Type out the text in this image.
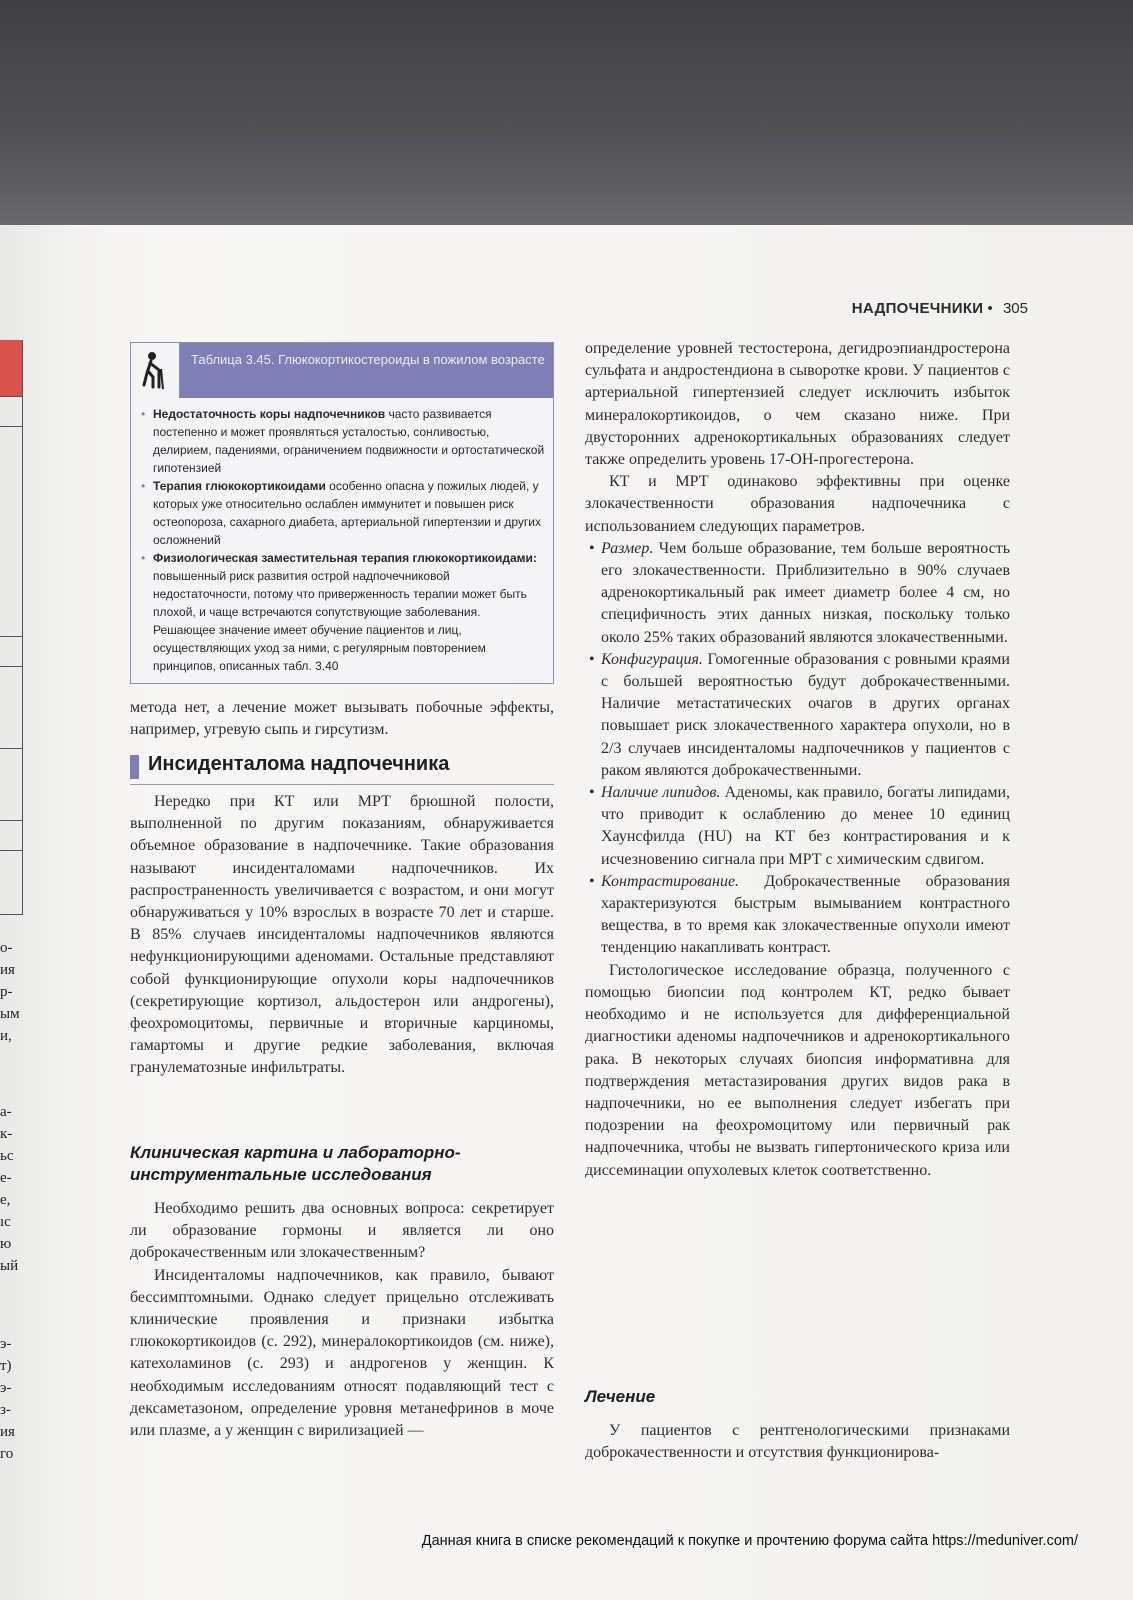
о-
ия
р-
ым
и,
а-
к-
ьс
е-
е,
ıс
ю
ый
э-
т)
э-
з-
ия
го
НАДПОЧЕЧНИКИ • 305
Таблица 3.45. Глюкокортикостероиды в пожилом возрасте
• Недостаточность коры надпочечников часто развивается постепенно и может проявляться усталостью, сонливостью, делирием, падениями, ограничением подвижности и ортостатической гипотензией
• Терапия глюкокортикоидами особенно опасна у пожилых людей, у которых уже относительно ослаблен иммунитет и повышен риск остеопороза, сахарного диабета, артериальной гипертензии и других осложнений
• Физиологическая заместительная терапия глюкокортикоидами: повышенный риск развития острой надпочечниковой недостаточности, потому что приверженность терапии может быть плохой, и чаще встречаются сопутствующие заболевания. Решающее значение имеет обучение пациентов и лиц, осуществляющих уход за ними, с регулярным повторением принципов, описанных табл. 3.40

метода нет, а лечение может вызывать побочные эффекты, например, угревую сыпь и гирсутизм.

Инсиденталома надпочечника

Нередко при КТ или МРТ брюшной полости, выполненной по другим показаниям, обнаруживается объемное образование в надпочечнике. Такие образования называют инсиденталомами надпочечников. Их распространенность увеличивается с возрастом, и они могут обнаруживаться у 10% взрослых в возрасте 70 лет и старше. В 85% случаев инсиденталомы надпочечников являются нефункционирующими аденомами. Остальные представляют собой функционирующие опухоли коры надпочечников (секретирующие кортизол, альдостерон или андрогены), феохромоцитомы, первичные и вторичные карциномы, гамартомы и другие редкие заболевания, включая гранулематозные инфильтраты.

Клиническая картина и лабораторно-инструментальные исследования

Необходимо решить два основных вопроса: секретирует ли образование гормоны и является ли оно доброкачественным или злокачественным?

Инсиденталомы надпочечников, как правило, бывают бессимптомными. Однако следует прицельно отслеживать клинические проявления и признаки избытка глюкокортикоидов (с. 292), минералокортикоидов (см. ниже), катехоламинов (с. 293) и андрогенов у женщин. К необходимым исследованиям относят подавляющий тест с дексаметазоном, определение уровня метанефринов в моче или плазме, а у женщин с вирилизацией —

определение уровней тестостерона, дегидроэпиандростерона сульфата и андростендиона в сыворотке крови. У пациентов с артериальной гипертензией следует исключить избыток минералокортикоидов, о чем сказано ниже. При двусторонних адренокортикальных образованиях следует также определить уровень 17-ОН-прогестерона.

КТ и МРТ одинаково эффективны при оценке злокачественности образования надпочечника с использованием следующих параметров.

• Размер. Чем больше образование, тем больше вероятность его злокачественности. Приблизительно в 90% случаев адренокортикальный рак имеет диаметр более 4 см, но специфичность этих данных низкая, поскольку только около 25% таких образований являются злокачественными.
• Конфигурация. Гомогенные образования с ровными краями с большей вероятностью будут доброкачественными. Наличие метастатических очагов в других органах повышает риск злокачественного характера опухоли, но в 2/3 случаев инсиденталомы надпочечников у пациентов с раком являются доброкачественными.
• Наличие липидов. Аденомы, как правило, богаты липидами, что приводит к ослаблению до менее 10 единиц Хаунсфилда (HU) на КТ без контрастирования и к исчезновению сигнала при МРТ с химическим сдвигом.
• Контрастирование. Доброкачественные образования характеризуются быстрым вымыванием контрастного вещества, в то время как злокачественные опухоли имеют тенденцию накапливать контраст.

Гистологическое исследование образца, полученного с помощью биопсии под контролем КТ, редко бывает необходимо и не используется для дифференциальной диагностики аденомы надпочечников и адренокортикального рака. В некоторых случаях биопсия информативна для подтверждения метастазирования других видов рака в надпочечники, но ее выполнения следует избегать при подозрении на феохромоцитому или первичный рак надпочечника, чтобы не вызвать гипертонического криза или диссеминации опухолевых клеток соответственно.

Лечение

У пациентов с рентгенологическими признаками доброкачественности и отсутствия функционирова-

Данная книга в списке рекомендаций к покупке и прочтению форума сайта https://meduniver.com/
